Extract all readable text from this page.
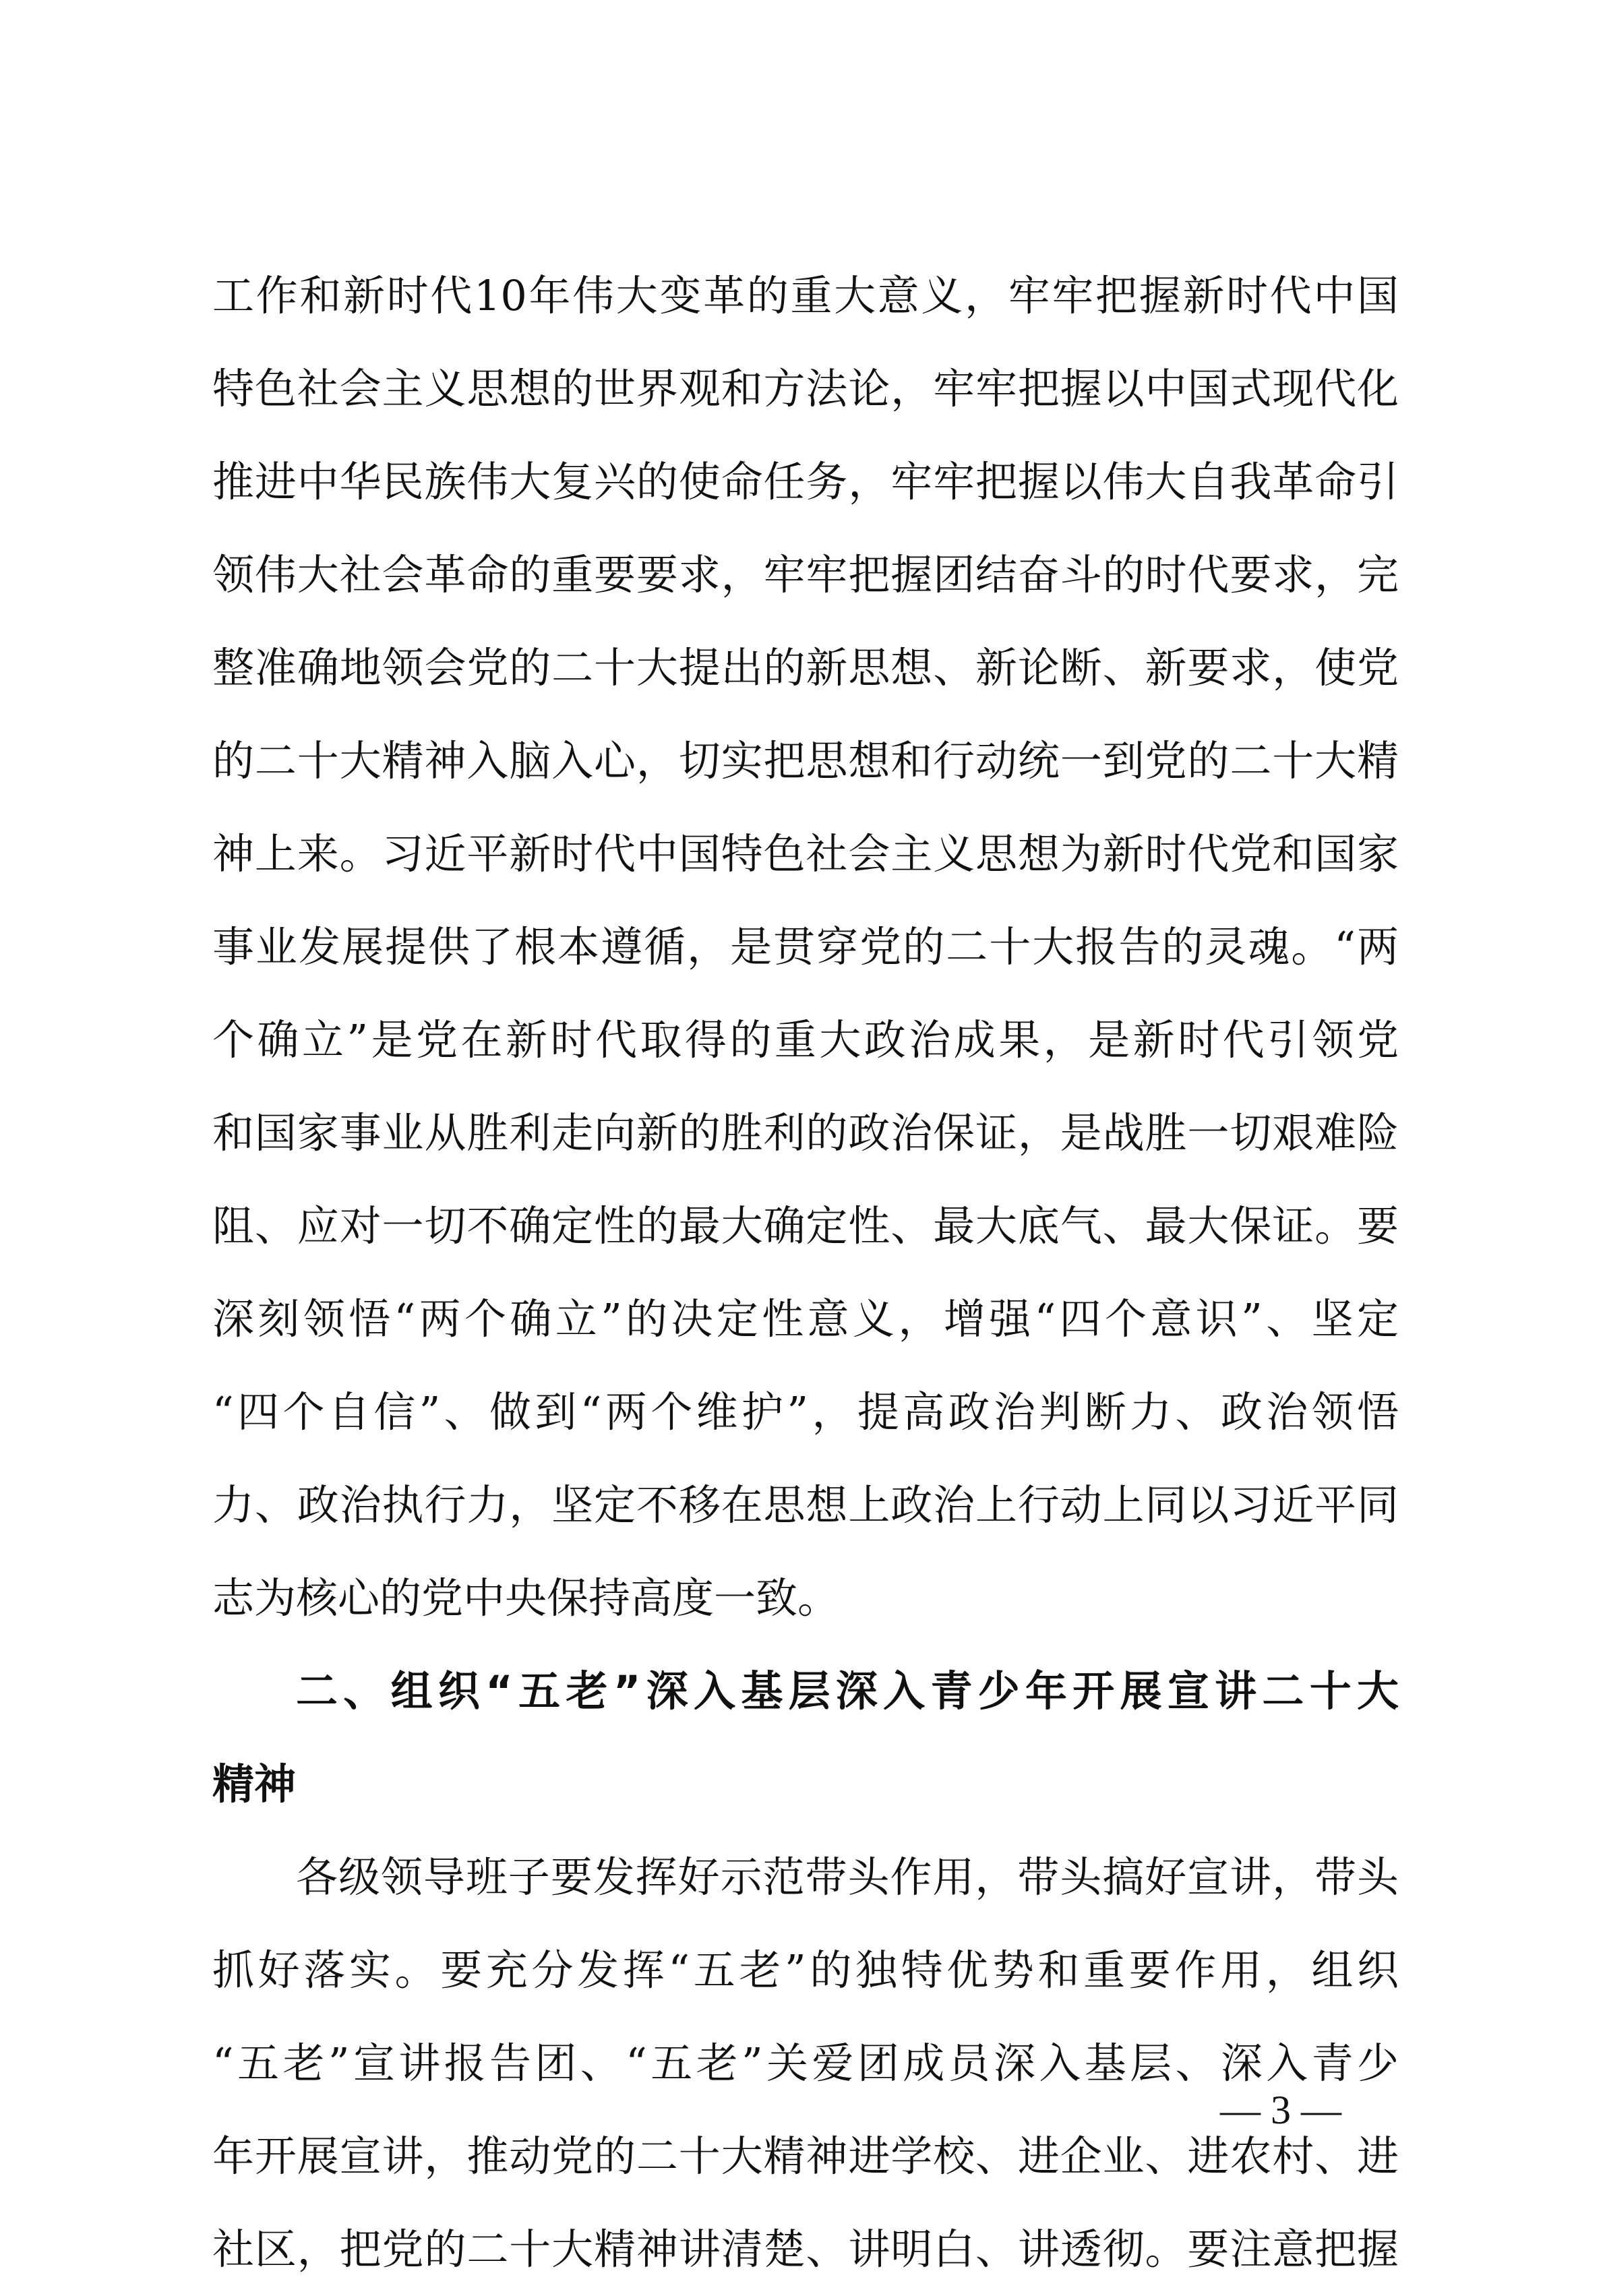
工作和新时代10年伟大变革的重大意义，牢牢把握新时代中国
特色社会主义思想的世界观和方法论，牢牢把握以中国式现代化
推进中华民族伟大复兴的使命任务，牢牢把握以伟大自我革命引
领伟大社会革命的重要要求，牢牢把握团结奋斗的时代要求，完
整准确地领会党的二十大提出的新思想、新论断、新要求，使党
的二十大精神入脑入心，切实把思想和行动统一到党的二十大精
神上来。习近平新时代中国特色社会主义思想为新时代党和国家
事业发展提供了根本遵循，是贯穿党的二十大报告的灵魂。“两
个确立”是党在新时代取得的重大政治成果，是新时代引领党
和国家事业从胜利走向新的胜利的政治保证，是战胜一切艰难险
阻、应对一切不确定性的最大确定性、最大底气、最大保证。要
深刻领悟“两个确立”的决定性意义，增强“四个意识”、坚定
“四个自信”、做到“两个维护”，提高政治判断力、政治领悟
力、政治执行力，坚定不移在思想上政治上行动上同以习近平同
志为核心的党中央保持高度一致。
二、组织“五老”深入基层深入青少年开展宣讲二十大
精神
各级领导班子要发挥好示范带头作用，带头搞好宣讲，带头
抓好落实。要充分发挥“五老”的独特优势和重要作用，组织
“五老”宣讲报告团、“五老”关爱团成员深入基层、深入青少
年开展宣讲，推动党的二十大精神进学校、进企业、进农村、进
社区，把党的二十大精神讲清楚、讲明白、讲透彻。要注意把握
— 3 —
